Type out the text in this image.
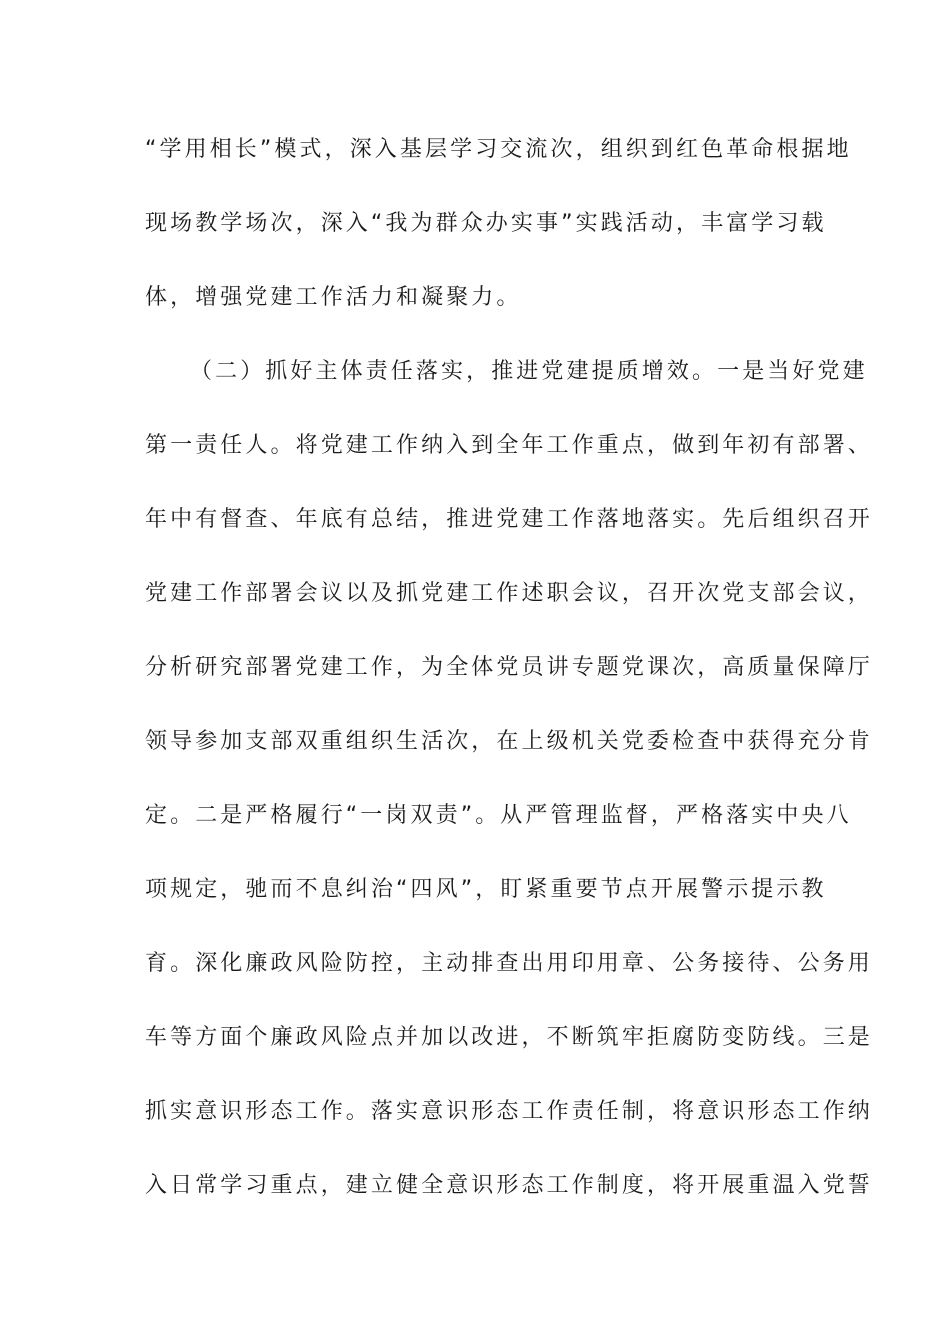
“学用相长”模式，深入基层学习交流次，组织到红色革命根据地
现场教学场次，深入“我为群众办实事”实践活动，丰富学习载
体，增强党建工作活力和凝聚力。
（二）抓好主体责任落实，推进党建提质增效。一是当好党建
第一责任人。将党建工作纳入到全年工作重点，做到年初有部署、
年中有督查、年底有总结，推进党建工作落地落实。先后组织召开
党建工作部署会议以及抓党建工作述职会议，召开次党支部会议，
分析研究部署党建工作，为全体党员讲专题党课次，高质量保障厅
领导参加支部双重组织生活次，在上级机关党委检查中获得充分肯
定。二是严格履行“一岗双责”。从严管理监督，严格落实中央八
项规定，驰而不息纠治“四风”，盯紧重要节点开展警示提示教
育。深化廉政风险防控，主动排查出用印用章、公务接待、公务用
车等方面个廉政风险点并加以改进，不断筑牢拒腐防变防线。三是
抓实意识形态工作。落实意识形态工作责任制，将意识形态工作纳
入日常学习重点，建立健全意识形态工作制度，将开展重温入党誓
